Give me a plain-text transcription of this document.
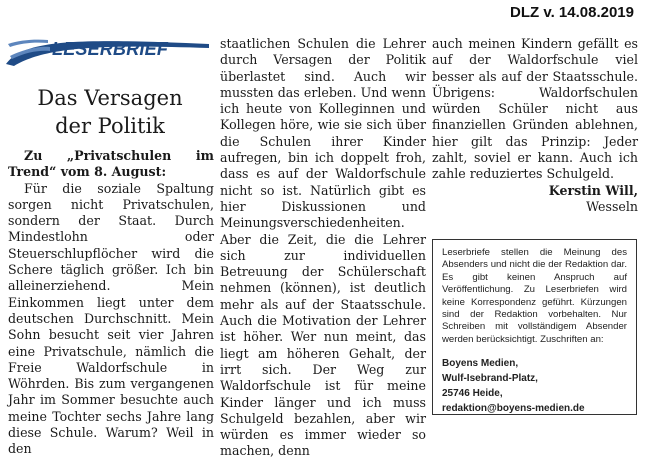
DLZ v. 14.08.2019
LESERBRIEF
Das Versagen
der Politik

Zu „Privatschulen im Trend“ vom 8. August:

Für die soziale Spaltung sorgen nicht Privatschulen, sondern der Staat. Durch Mindestlohn oder Steuerschlupflöcher wird die Schere täglich größer. Ich bin alleinerziehend. Mein Einkommen liegt unter dem deutschen Durchschnitt. Mein Sohn besucht seit vier Jahren eine Privatschule, nämlich die Freie Waldorfschule in Wöhrden. Bis zum vergangenen Jahr im Sommer besuchte auch meine Tochter sechs Jahre lang diese Schule. Warum? Weil in den

staatlichen Schulen die Lehrer durch Versagen der Politik überlastet sind. Auch wir mussten das erleben. Und wenn ich heute von Kolleginnen und Kollegen höre, wie sie sich über die Schulen ihrer Kinder aufregen, bin ich doppelt froh, dass es auf der Waldorfschule nicht so ist. Natürlich gibt es hier Diskussionen und Meinungsverschiedenheiten. Aber die Zeit, die die Lehrer sich zur individuellen Betreuung der Schülerschaft nehmen (können), ist deutlich mehr als auf der Staatsschule. Auch die Motivation der Lehrer ist höher. Wer nun meint, das liegt am höheren Gehalt, der irrt sich. Der Weg zur Waldorfschule ist für meine Kinder länger und ich muss Schulgeld bezahlen, aber wir würden es immer wieder so machen, denn

auch meinen Kindern gefällt es auf der Waldorfschule viel besser als auf der Staatsschule. Übrigens: Waldorfschulen würden Schüler nicht aus finanziellen Gründen ablehnen, hier gilt das Prinzip: Jeder zahlt, soviel er kann. Auch ich zahle reduziertes Schulgeld.

Kerstin Will,

Wesseln

Leserbriefe stellen die Meinung des Absenders und nicht die der Redaktion dar. Es gibt keinen Anspruch auf Veröffentlichung. Zu Leserbriefen wird keine Korrespondenz geführt. Kürzungen sind der Redaktion vorbehalten. Nur Schreiben mit vollständigem Absender werden berücksichtigt. Zuschriften an:

Boyens Medien,

Wulf-Isebrand-Platz,

25746 Heide,

redaktion@boyens-medien.de
